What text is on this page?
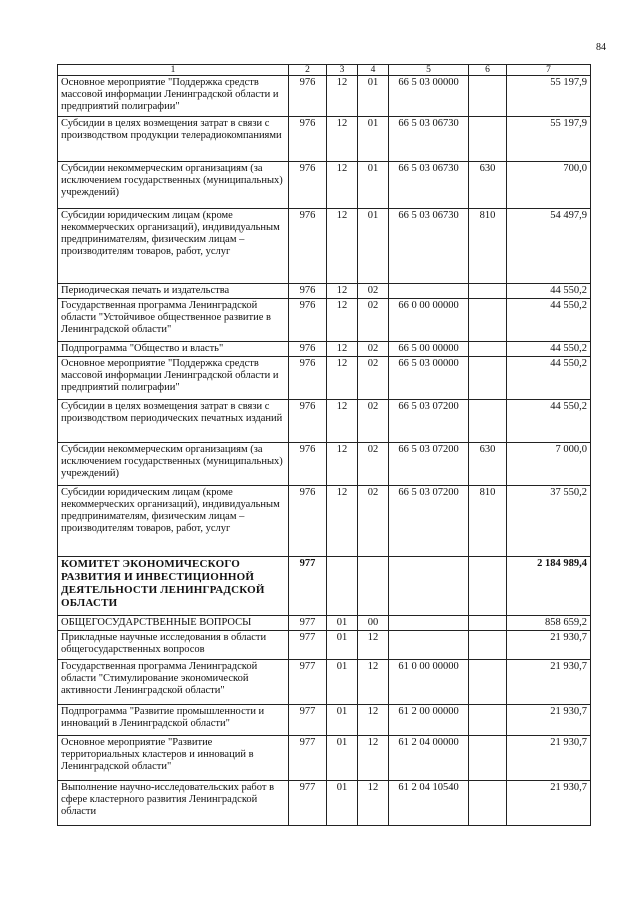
84
1	2	3	4	5	6	7
Основное мероприятие "Поддержка средств массовой информации Ленинградской области и предприятий полиграфии"	976	12	01	66 5 03 00000		55 197,9
Субсидии в целях возмещения затрат в связи с производством продукции телерадиокомпаниями	976	12	01	66 5 03 06730		55 197,9
Субсидии некоммерческим организациям (за исключением государственных (муниципальных) учреждений)	976	12	01	66 5 03 06730	630	700,0
Субсидии юридическим лицам (кроме некоммерческих организаций), индивидуальным предпринимателям, физическим лицам – производителям товаров, работ, услуг	976	12	01	66 5 03 06730	810	54 497,9
Периодическая печать и издательства	976	12	02			44 550,2
Государственная программа Ленинградской области "Устойчивое общественное развитие в Ленинградской области"	976	12	02	66 0 00 00000		44 550,2
Подпрограмма "Общество и власть"	976	12	02	66 5 00 00000		44 550,2
Основное мероприятие "Поддержка средств массовой информации Ленинградской области и предприятий полиграфии"	976	12	02	66 5 03 00000		44 550,2
Субсидии в целях возмещения затрат в связи с производством периодических печатных изданий	976	12	02	66 5 03 07200		44 550,2
Субсидии некоммерческим организациям (за исключением государственных (муниципальных) учреждений)	976	12	02	66 5 03 07200	630	7 000,0
Субсидии юридическим лицам (кроме некоммерческих организаций), индивидуальным предпринимателям, физическим лицам – производителям товаров, работ, услуг	976	12	02	66 5 03 07200	810	37 550,2
КОМИТЕТ ЭКОНОМИЧЕСКОГО РАЗВИТИЯ И ИНВЕСТИЦИОННОЙ ДЕЯТЕЛЬНОСТИ ЛЕНИНГРАДСКОЙ ОБЛАСТИ	977					2 184 989,4
ОБЩЕГОСУДАРСТВЕННЫЕ ВОПРОСЫ	977	01	00			858 659,2
Прикладные научные исследования в области общегосударственных вопросов	977	01	12			21 930,7
Государственная программа Ленинградской области "Стимулирование экономической активности Ленинградской области"	977	01	12	61 0 00 00000		21 930,7
Подпрограмма "Развитие промышленности и инноваций в Ленинградской области"	977	01	12	61 2 00 00000		21 930,7
Основное мероприятие "Развитие территориальных кластеров и инноваций в Ленинградской области"	977	01	12	61 2 04 00000		21 930,7
Выполнение научно-исследовательских работ в сфере кластерного развития Ленинградской области	977	01	12	61 2 04 10540		21 930,7
